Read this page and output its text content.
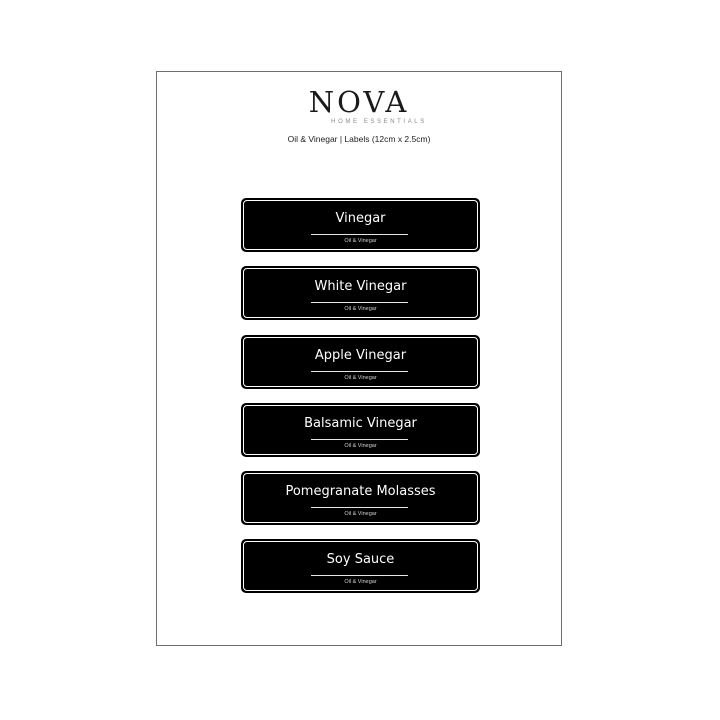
NOVA
HOME ESSENTIALS
Oil & Vinegar | Labels (12cm x 2.5cm)
Vinegar
Oil & Vinegar
White Vinegar
Oil & Vinegar
Apple Vinegar
Oil & Vinegar
Balsamic Vinegar
Oil & Vinegar
Pomegranate Molasses
Oil & Vinegar
Soy Sauce
Oil & Vinegar
